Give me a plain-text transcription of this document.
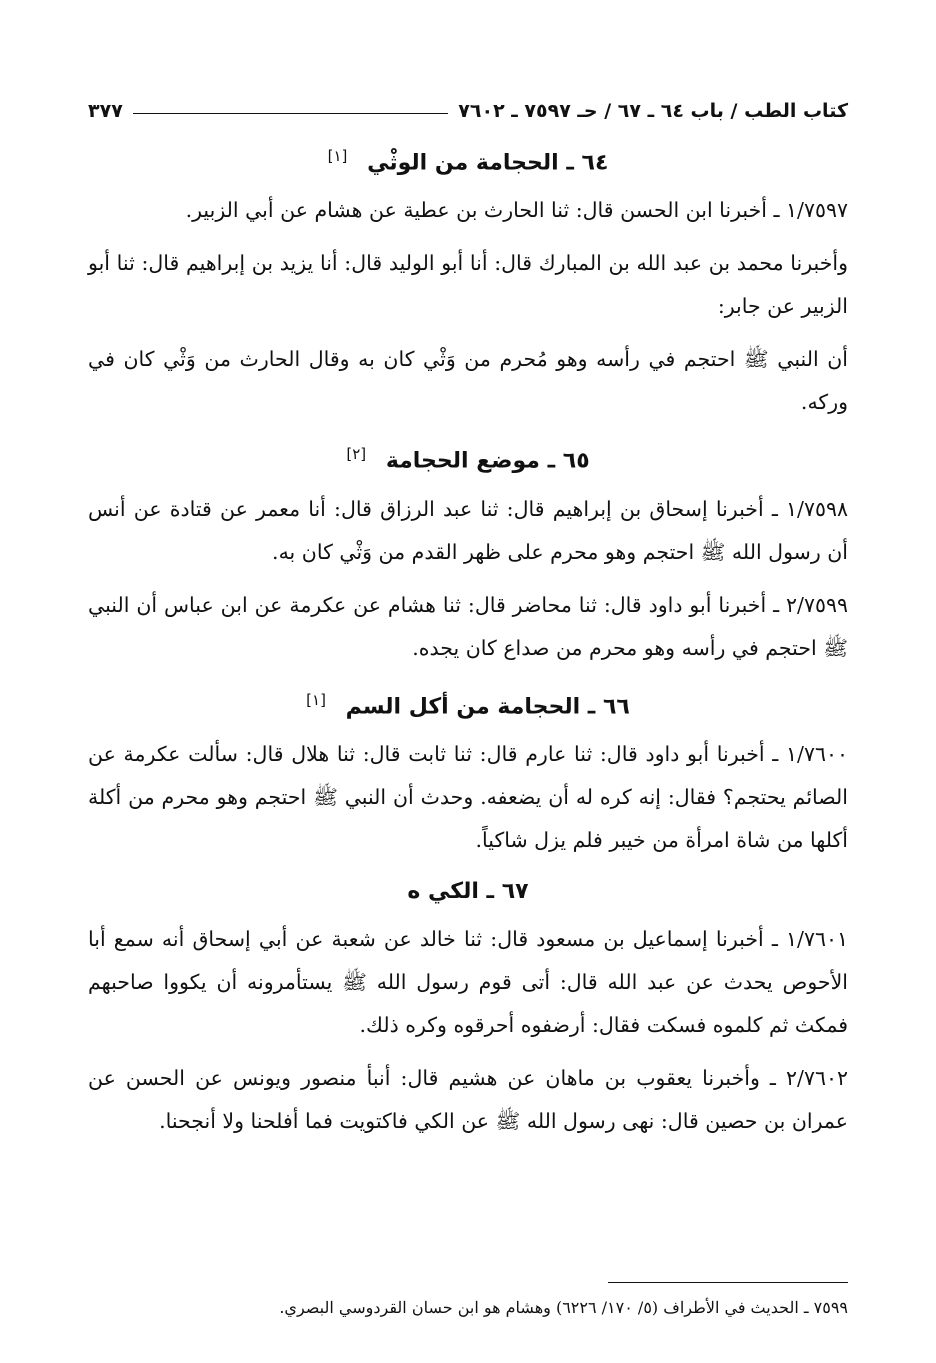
كتاب الطب / باب ٦٤ ـ ٦٧ / حـ ٧٥٩٧ ـ ٧٦٠٢
٣٧٧
٦٤ ـ الحجامة من الوثْي [١]

١/٧٥٩٧ ـ أخبرنا ابن الحسن قال: ثنا الحارث بن عطية عن هشام عن أبي الزبير.

وأخبرنا محمد بن عبد الله بن المبارك قال: أنا أبو الوليد قال: أنا يزيد بن إبراهيم قال: ثنا أبو الزبير عن جابر:

أن النبي ﷺ احتجم في رأسه وهو مُحرم من وَثْي كان به وقال الحارث من وَثْي كان في وركه.

٦٥ ـ موضع الحجامة [٢]

١/٧٥٩٨ ـ أخبرنا إسحاق بن إبراهيم قال: ثنا عبد الرزاق قال: أنا معمر عن قتادة عن أنس أن رسول الله ﷺ احتجم وهو محرم على ظهر القدم من وَثْي كان به.

٢/٧٥٩٩ ـ أخبرنا أبو داود قال: ثنا محاضر قال: ثنا هشام عن عكرمة عن ابن عباس أن النبي ﷺ احتجم في رأسه وهو محرم من صداع كان يجده.

٦٦ ـ الحجامة من أكل السم [١]

١/٧٦٠٠ ـ أخبرنا أبو داود قال: ثنا عارم قال: ثنا ثابت قال: ثنا هلال قال: سألت عكرمة عن الصائم يحتجم؟ فقال: إنه كره له أن يضعفه. وحدث أن النبي ﷺ احتجم وهو محرم من أكلة أكلها من شاة امرأة من خيبر فلم يزل شاكياً.

٦٧ ـ الكي ه

١/٧٦٠١ ـ أخبرنا إسماعيل بن مسعود قال: ثنا خالد عن شعبة عن أبي إسحاق أنه سمع أبا الأحوص يحدث عن عبد الله قال: أتى قوم رسول الله ﷺ يستأمرونه أن يكووا صاحبهم فمكث ثم كلموه فسكت فقال: أرضفوه أحرقوه وكره ذلك.

٢/٧٦٠٢ ـ وأخبرنا يعقوب بن ماهان عن هشيم قال: أنبأ منصور ويونس عن الحسن عن عمران بن حصين قال: نهى رسول الله ﷺ عن الكي فاكتويت فما أفلحنا ولا أنجحنا.

٧٥٩٩ ـ الحديث في الأطراف (٥/ ١٧٠/ ٦٢٢٦) وهشام هو ابن حسان القردوسي البصري.
